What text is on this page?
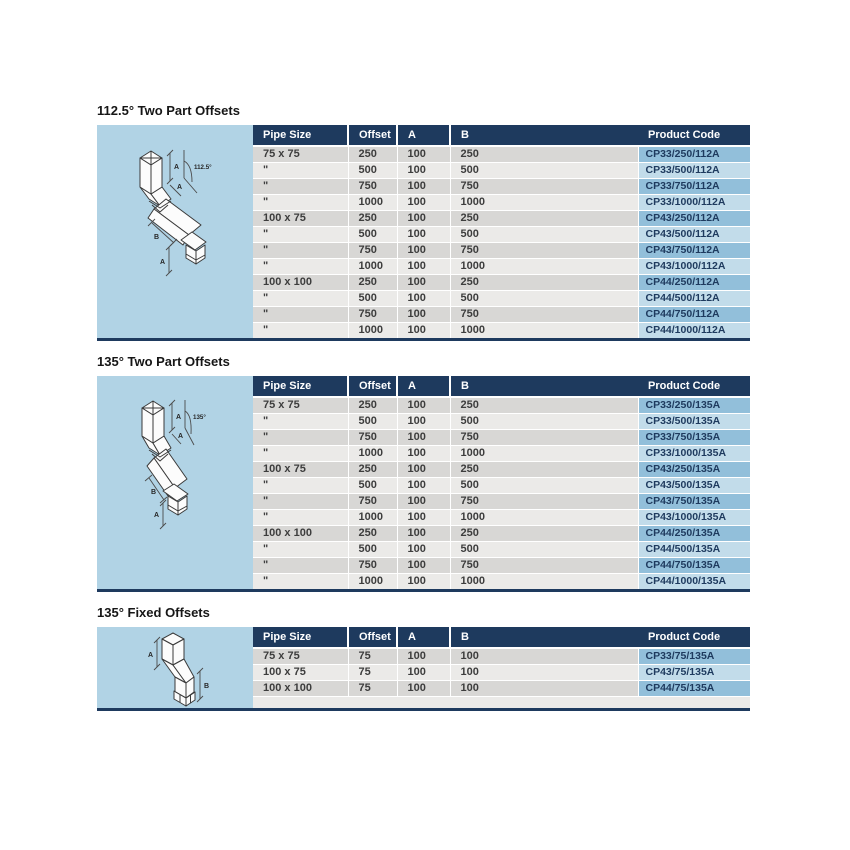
112.5° Two Part Offsets
A
A
112.5°
B
A
Pipe Size	Offset	A	B	Product Code
75 x 75	250	100	250	CP33/250/112A
"	500	100	500	CP33/500/112A
"	750	100	750	CP33/750/112A
"	1000	100	1000	CP33/1000/112A
100 x 75	250	100	250	CP43/250/112A
"	500	100	500	CP43/500/112A
"	750	100	750	CP43/750/112A
"	1000	100	1000	CP43/1000/112A
100 x 100	250	100	250	CP44/250/112A
"	500	100	500	CP44/500/112A
"	750	100	750	CP44/750/112A
"	1000	100	1000	CP44/1000/112A
135° Two Part Offsets
A
A
135°
B
A
Pipe Size	Offset	A	B	Product Code
75 x 75	250	100	250	CP33/250/135A
"	500	100	500	CP33/500/135A
"	750	100	750	CP33/750/135A
"	1000	100	1000	CP33/1000/135A
100 x 75	250	100	250	CP43/250/135A
"	500	100	500	CP43/500/135A
"	750	100	750	CP43/750/135A
"	1000	100	1000	CP43/1000/135A
100 x 100	250	100	250	CP44/250/135A
"	500	100	500	CP44/500/135A
"	750	100	750	CP44/750/135A
"	1000	100	1000	CP44/1000/135A
135° Fixed Offsets
A
B
Pipe Size	Offset	A	B	Product Code
75 x 75	75	100	100	CP33/75/135A
100 x 75	75	100	100	CP43/75/135A
100 x 100	75	100	100	CP44/75/135A
